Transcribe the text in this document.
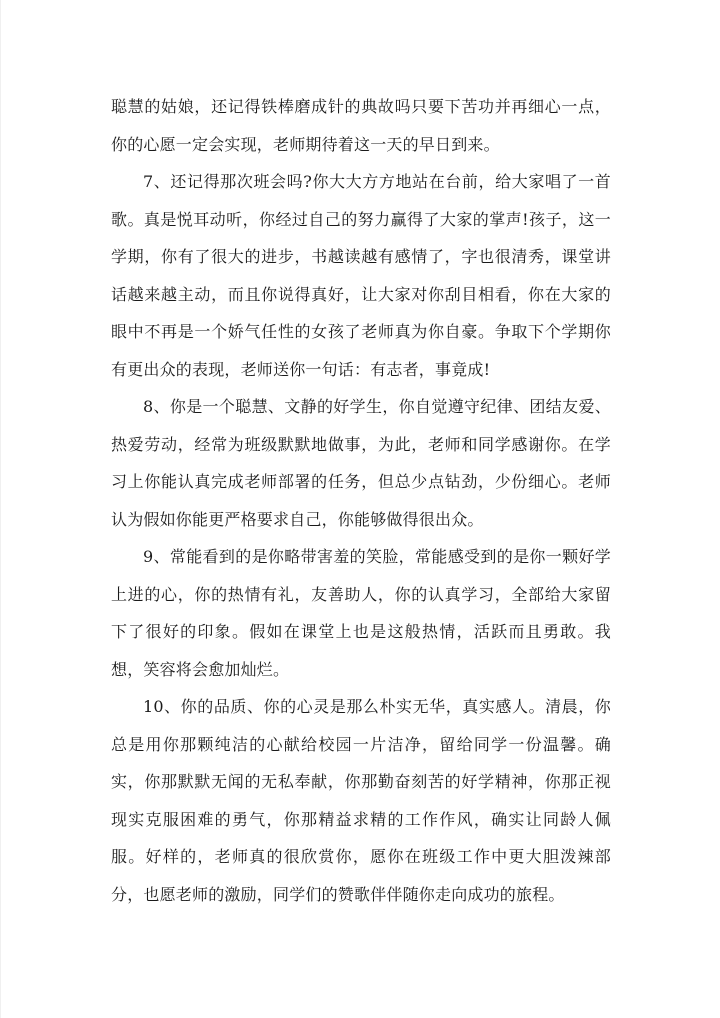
聪慧的姑娘，还记得铁棒磨成针的典故吗只要下苦功并再细心一点，你的心愿一定会实现，老师期待着这一天的早日到来。

7、还记得那次班会吗?你大大方方地站在台前，给大家唱了一首歌。真是悦耳动听，你经过自己的努力赢得了大家的掌声!孩子，这一学期，你有了很大的进步，书越读越有感情了，字也很清秀，课堂讲话越来越主动，而且你说得真好，让大家对你刮目相看，你在大家的眼中不再是一个娇气任性的女孩了老师真为你自豪。争取下个学期你有更出众的表现，老师送你一句话：有志者，事竟成!

8、你是一个聪慧、文静的好学生，你自觉遵守纪律、团结友爱、热爱劳动，经常为班级默默地做事，为此，老师和同学感谢你。在学习上你能认真完成老师部署的任务，但总少点钻劲，少份细心。老师认为假如你能更严格要求自己，你能够做得很出众。

9、常能看到的是你略带害羞的笑脸，常能感受到的是你一颗好学上进的心，你的热情有礼，友善助人，你的认真学习，全部给大家留下了很好的印象。假如在课堂上也是这般热情，活跃而且勇敢。我想，笑容将会愈加灿烂。

10、你的品质、你的心灵是那么朴实无华，真实感人。清晨，你总是用你那颗纯洁的心献给校园一片洁净，留给同学一份温馨。确实，你那默默无闻的无私奉献，你那勤奋刻苦的好学精神，你那正视现实克服困难的勇气，你那精益求精的工作作风，确实让同龄人佩服。好样的，老师真的很欣赏你，愿你在班级工作中更大胆泼辣部分，也愿老师的激励，同学们的赞歌伴伴随你走向成功的旅程。
